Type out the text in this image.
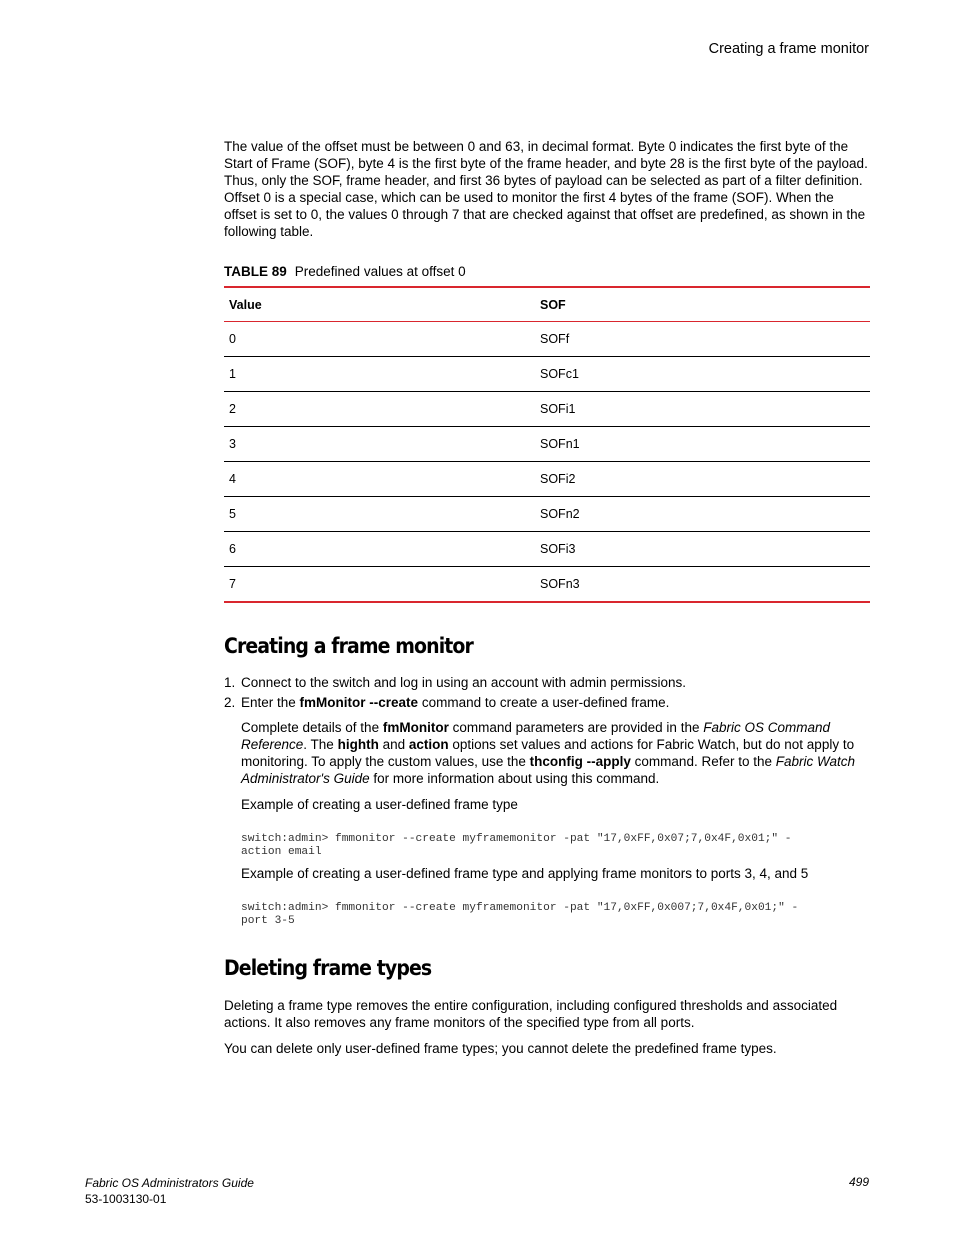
Creating a frame monitor

The value of the offset must be between 0 and 63, in decimal format. Byte 0 indicates the first byte of the Start of Frame (SOF), byte 4 is the first byte of the frame header, and byte 28 is the first byte of the payload. Thus, only the SOF, frame header, and first 36 bytes of payload can be selected as part of a filter definition. Offset 0 is a special case, which can be used to monitor the first 4 bytes of the frame (SOF). When the offset is set to 0, the values 0 through 7 that are checked against that offset are predefined, as shown in the following table.

TABLE 89 Predefined values at offset 0
Value	SOF
0	SOFf
1	SOFc1
2	SOFi1
3	SOFn1
4	SOFi2
5	SOFn2
6	SOFi3
7	SOFn3
Creating a frame monitor
1. Connect to the switch and log in using an account with admin permissions.
2. Enter the fmMonitor --create command to create a user-defined frame.

Complete details of the fmMonitor command parameters are provided in the Fabric OS Command Reference. The highth and action options set values and actions for Fabric Watch, but do not apply to monitoring. To apply the custom values, use the thconfig --apply command. Refer to the Fabric Watch Administrator's Guide for more information about using this command.

Example of creating a user-defined frame type

switch:admin> fmmonitor --create myframemonitor -pat "17,0xFF,0x07;7,0x4F,0x01;" -
action email

Example of creating a user-defined frame type and applying frame monitors to ports 3, 4, and 5

switch:admin> fmmonitor --create myframemonitor -pat "17,0xFF,0x007;7,0x4F,0x01;" -
port 3-5
Deleting frame types

Deleting a frame type removes the entire configuration, including configured thresholds and associated actions. It also removes any frame monitors of the specified type from all ports.

You can delete only user-defined frame types; you cannot delete the predefined frame types.

Fabric OS Administrators Guide
53-1003130-01
499
